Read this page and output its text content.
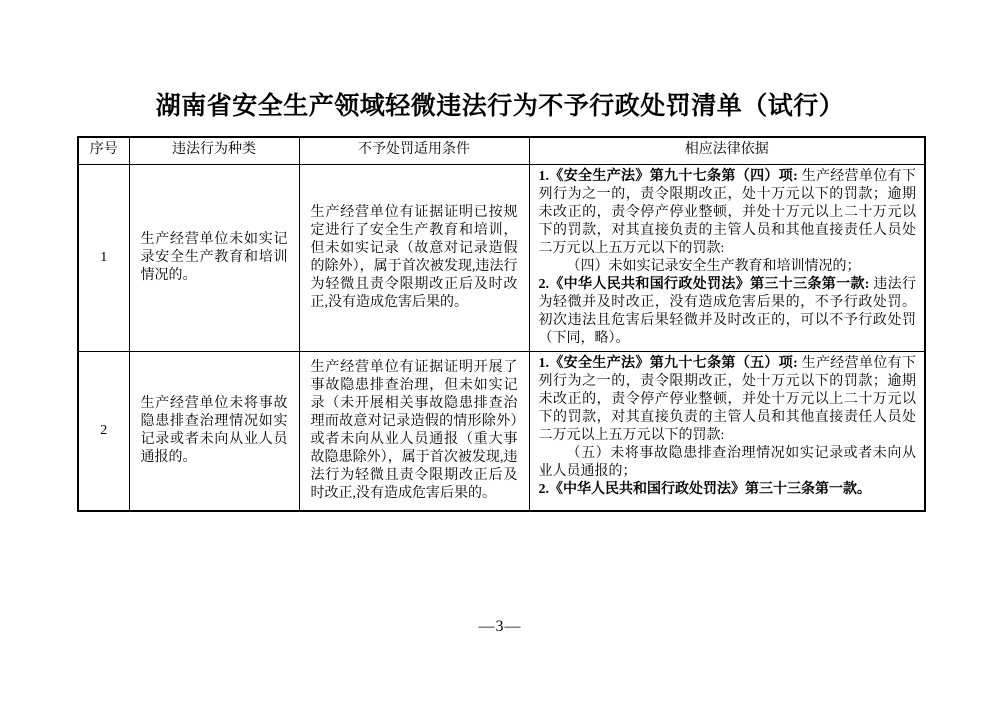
湖南省安全生产领域轻微违法行为不予行政处罚清单（试行）
序号	违法行为种类	不予处罚适用条件	相应法律依据
1	生产经营单位未如实记录安全生产教育和培训情况的。	生产经营单位有证据证明已按规定进行了安全生产教育和培训，但未如实记录（故意对记录造假的除外），属于首次被发现,违法行为轻微且责令限期改正后及时改正,没有造成危害后果的。	1.《安全生产法》第九十七条第（四）项: 生产经营单位有下列行为之一的，责令限期改正，处十万元以下的罚款；逾期未改正的，责令停产停业整顿，并处十万元以上二十万元以下的罚款，对其直接负责的主管人员和其他直接责任人员处二万元以上五万元以下的罚款:

（四）未如实记录安全生产教育和培训情况的；

2.《中华人民共和国行政处罚法》第三十三条第一款: 违法行为轻微并及时改正，没有造成危害后果的，不予行政处罚。初次违法且危害后果轻微并及时改正的，可以不予行政处罚（下同，略）。

2	生产经营单位未将事故隐患排查治理情况如实记录或者未向从业人员通报的。	生产经营单位有证据证明开展了事故隐患排查治理，但未如实记录（未开展相关事故隐患排查治理而故意对记录造假的情形除外）或者未向从业人员通报（重大事故隐患除外），属于首次被发现,违法行为轻微且责令限期改正后及时改正,没有造成危害后果的。	1.《安全生产法》第九十七条第（五）项: 生产经营单位有下列行为之一的，责令限期改正，处十万元以下的罚款；逾期未改正的，责令停产停业整顿，并处十万元以上二十万元以下的罚款，对其直接负责的主管人员和其他直接责任人员处二万元以上五万元以下的罚款:

（五）未将事故隐患排查治理情况如实记录或者未向从业人员通报的；

2.《中华人民共和国行政处罚法》第三十三条第一款。

—3—
